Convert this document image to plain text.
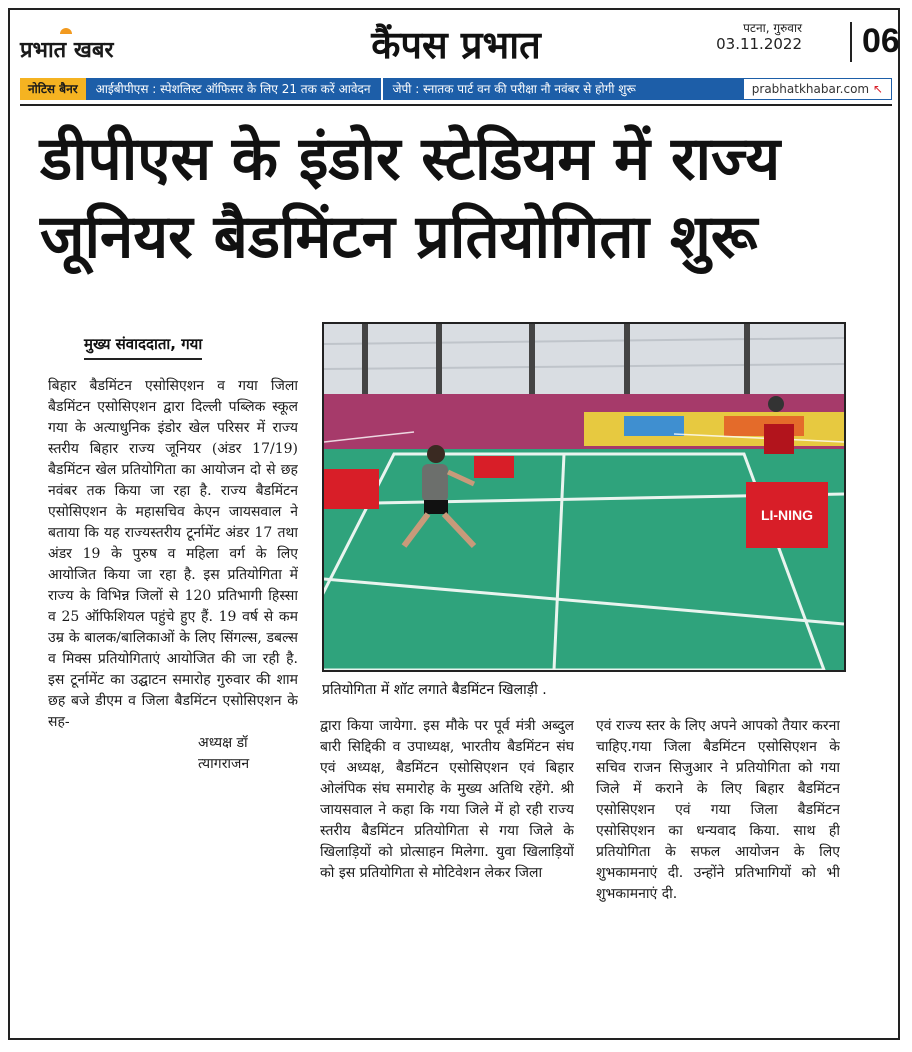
प्रभात खबर	कैंपस प्रभात	पटना, गुरुवार
03.11.2022 06
नोटिस बैनर	आईबीपीएस : स्पेशलिस्ट ऑफिसर के लिए 21 तक करें आवेदन	जेपी : स्नातक पार्ट वन की परीक्षा नौ नवंबर से होगी शुरू	prabhatkhabar.com ↖
डीपीएस के इंडोर स्टेडियम में राज्य
जूनियर बैडमिंटन प्रतियोगिता शुरू
मुख्य संवाददाता, गया
LI-NING
प्रतियोगिता में शॉट लगाते बैडमिंटन खिलाड़ी .
बिहार बैडमिंटन एसोसिएशन व गया जिला बैडमिंटन एसोसिएशन द्वारा दिल्ली पब्लिक स्कूल गया के अत्याधुनिक इंडोर खेल परिसर में राज्य स्तरीय बिहार राज्य जूनियर (अंडर 17/19) बैडमिंटन खेल प्रतियोगिता का आयोजन दो से छह नवंबर तक किया जा रहा है. राज्य बैडमिंटन एसोसिएशन के महासचिव केएन जायसवाल ने बताया कि यह राज्यस्तरीय टूर्नामेंट अंडर 17 तथा अंडर 19 के पुरुष व महिला वर्ग के लिए आयोजित किया जा रहा है. इस प्रतियोगिता में राज्य के विभिन्न जिलों से 120 प्रतिभागी हिस्सा व 25 ऑफिशियल पहुंचे हुए हैं. 19 वर्ष से कम उम्र के बालक/बालिकाओं के लिए सिंगल्स, डबल्स व मिक्स प्रतियोगिताएं आयोजित की जा रही है. इस टूर्नामेंट का उद्घाटन समारोह गुरुवार की शाम छह बजे डीएम व जिला बैडमिंटन एसोसिएशन के सह-
अध्यक्ष डॉ त्यागराजन
द्वारा किया जायेगा. इस मौके पर पूर्व मंत्री अब्दुल बारी सिद्दिकी व उपाध्यक्ष, भारतीय बैडमिंटन संघ एवं अध्यक्ष, बैडमिंटन एसोसिएशन एवं बिहार ओलंपिक संघ समारोह के मुख्य अतिथि रहेंगे. श्री जायसवाल ने कहा कि गया जिले में हो रही राज्य स्तरीय बैडमिंटन प्रतियोगिता से गया जिले के खिलाड़ियों को प्रोत्साहन मिलेगा. युवा खिलाड़ियों को इस प्रतियोगिता से मोटिवेशन लेकर जिला
एवं राज्य स्तर के लिए अपने आपको तैयार करना चाहिए.गया जिला बैडमिंटन एसोसिएशन के सचिव राजन सिजुआर ने प्रतियोगिता को गया जिले में कराने के लिए बिहार बैडमिंटन एसोसिएशन एवं गया जिला बैडमिंटन एसोसिएशन का धन्यवाद किया. साथ ही प्रतियोगिता के सफल आयोजन के लिए शुभकामनाएं दी. उन्होंने प्रतिभागियों को भी शुभकामनाएं दी.
